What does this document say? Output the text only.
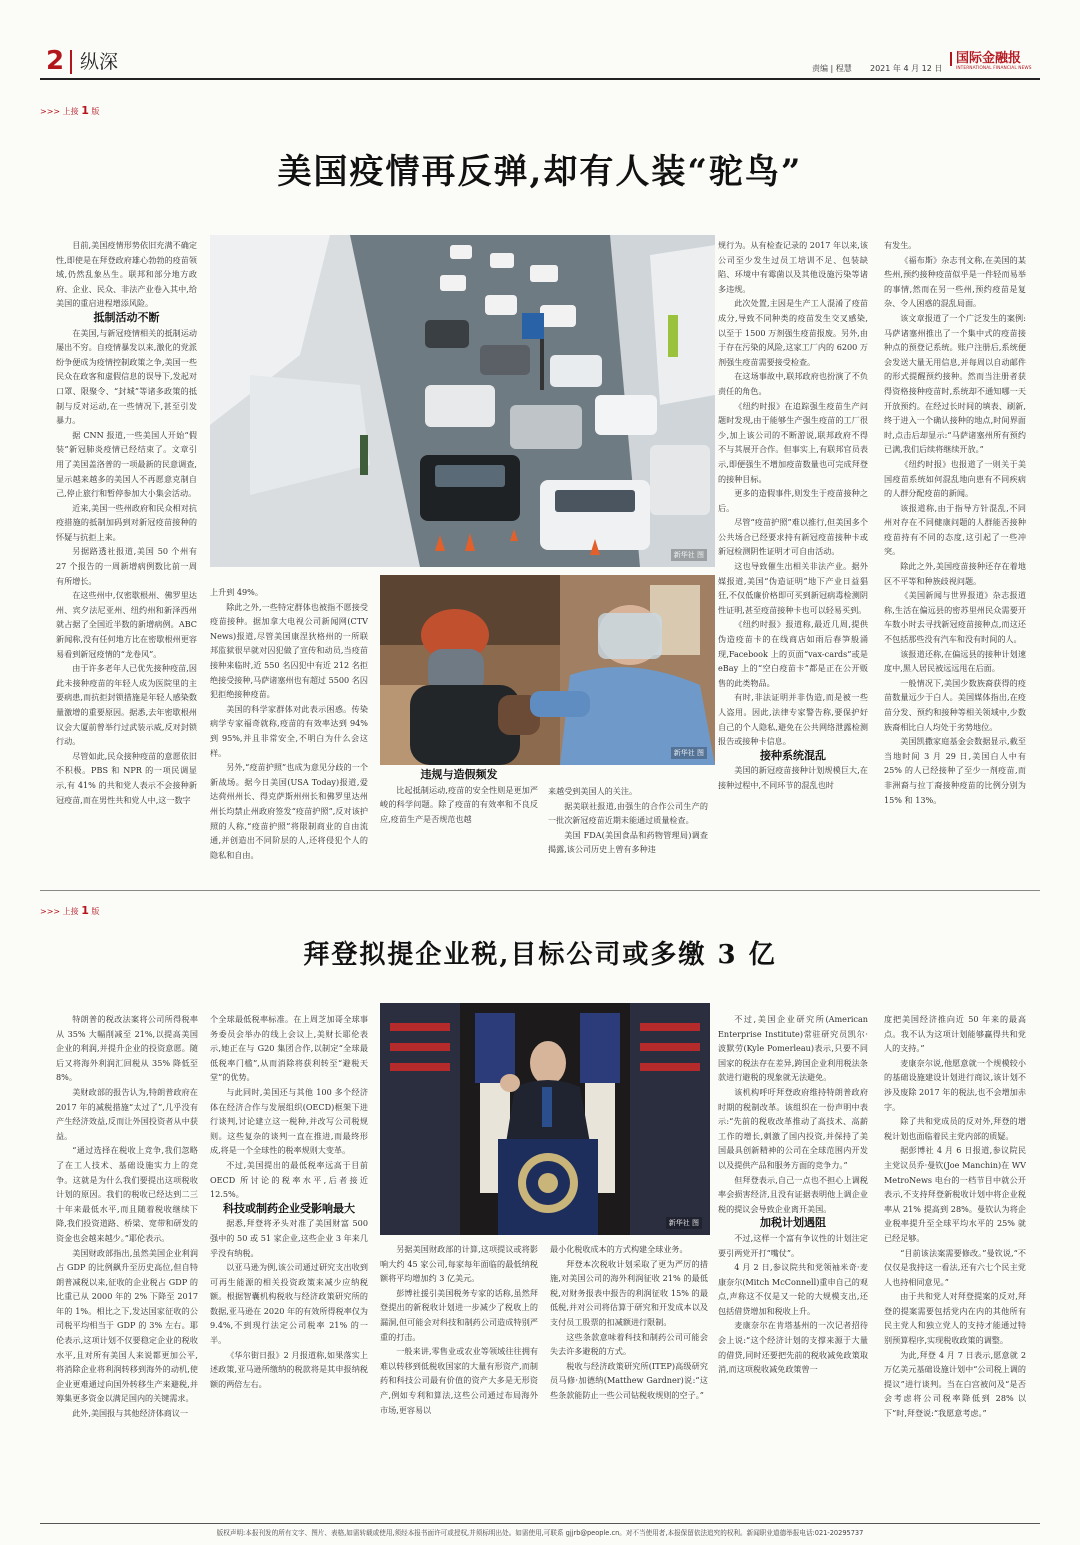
2 纵深	责编 | 程慧 2021 年 4 月 12 日
国际金融报
INTERNATIONAL FINANCIAL NEWS
>>> 上接 1 版
美国疫情再反弹,却有人装“驼鸟”
新华社 图
新华社 图

目前,美国疫情形势依旧充满不确定性,即使是在拜登政府雄心勃勃的疫苗领域,仍然乱象丛生。联邦和部分地方政府、企业、民众、非法产业卷入其中,给美国的重启进程增添风险。

抵制活动不断

在美国,与新冠疫情相关的抵制运动屡出不穷。自疫情暴发以来,激化的党派纷争便成为疫情控制政策之争,美国一些民众在政客和虚假信息的误导下,发起对口罩、限聚令、“封城”等诸多政策的抵制与反对运动,在一些情况下,甚至引发暴力。

据 CNN 报道,一些美国人开始“假装”新冠肺炎疫情已经结束了。文章引用了美国盖洛普的一项最新的民意调查,显示越来越多的美国人不再愿意克制自己,停止旅行和暂停参加大小集会活动。

近来,美国一些州政府和民众相对抗疫措施的抵制加码到对新冠疫苗接种的怀疑与抗拒上来。

另据路透社报道,美国 50 个州有 27 个报告的一周新增病例数比前一周有所增长。

在这些州中,仅密歇根州、佛罗里达州、宾夕法尼亚州、纽约州和新泽西州就占据了全国近半数的新增病例。ABC 新闻称,没有任何地方比在密歇根州更容易看到新冠疫情的“龙卷风”。

由于许多老年人已优先接种疫苗,因此未接种疫苗的年轻人成为医院里的主要病患,而抗拒封锁措施是年轻人感染数量激增的重要原因。据悉,去年密歇根州议会大厦前曾举行过武装示威,反对封锁行动。

尽管如此,民众接种疫苗的意愿依旧不积极。PBS 和 NPR 的一项民调显示,有 41% 的共和党人表示不会接种新冠疫苗,而在男性共和党人中,这一数字

上升到 49%。

除此之外,一些特定群体也被指不愿接受疫苗接种。据加拿大电视公司新闻网(CTV News)报道,尽管美国康涅狄格州的一所联邦监狱很早就对囚犯做了宣传和动员,当疫苗接种来临时,近 550 名囚犯中有近 212 名拒绝接受接种,马萨诸塞州也有超过 5500 名囚犯拒绝接种疫苗。

美国的科学家群体对此表示困惑。传染病学专家福奇就称,疫苗的有效率达到 94% 到 95%,并且非常安全,不明白为什么会这样。

另外,“疫苗护照”也成为意见分歧的一个新战场。据今日美国(USA Today)报道,爱达荷州州长、得克萨斯州州长和佛罗里达州州长均禁止州政府签发“疫苗护照”,反对该护照的人称,“疫苗护照”将限制商业的自由流通,并创造出不同阶层的人,还将侵犯个人的隐私和自由。

违规与造假频发

比起抵制运动,疫苗的安全性则是更加严峻的科学问题。除了疫苗的有效率和不良反应,疫苗生产是否规范也越

来越受到美国人的关注。

据美联社报道,由强生的合作公司生产的一批次新冠疫苗近期未能通过质量检查。

美国 FDA(美国食品和药物管理局)调查揭露,该公司历史上曾有多种违

规行为。从有检查记录的 2017 年以来,该公司至少发生过员工培训不足、包装缺陷、环境中有霉菌以及其他设施污染等诸多违规。

此次处置,主因是生产工人混淆了疫苗成分,导致不同种类的疫苗发生交叉感染,以至于 1500 万剂强生疫苗报废。另外,由于存在污染的风险,这家工厂内的 6200 万剂强生疫苗需要接受检查。

在这场事故中,联邦政府也扮演了不负责任的角色。

《纽约时报》在追踪强生疫苗生产问题时发现,由于能够生产强生疫苗的工厂很少,加上该公司的不断游说,联邦政府不得不与其展开合作。但事实上,有联邦官员表示,即便强生不增加疫苗数量也可完成拜登的接种目标。

更多的造假事件,则发生于疫苗接种之后。

尽管“疫苗护照”难以推行,但美国多个公共场合已经要求持有新冠疫苗接种卡或新冠检测阴性证明才可自由活动。

这也导致催生出相关非法产业。据外媒报道,美国“伪造证明”地下产业日益猖狂,不仅低廉价格即可买到新冠病毒检测阴性证明,甚至疫苗接种卡也可以轻易买到。

《纽约时报》报道称,最近几周,提供伪造疫苗卡的在线商店如雨后春笋般涌现,Facebook 上的页面“vax-cards”或是 eBay 上的“空白疫苗卡”都是正在公开贩售的此类物品。

有时,非法证明并非伪造,而是被一些人盗用。因此,法律专家警告称,要保护好自己的个人隐私,避免在公共网络泄露检测报告或接种卡信息。

接种系统混乱

美国的新冠疫苗接种计划规模巨大,在接种过程中,不同环节的混乱也时

有发生。

《福布斯》杂志刊文称,在美国的某些州,预约接种疫苗似乎是一件轻而易举的事情,然而在另一些州,预约疫苗是复杂、令人困惑的混乱局面。

该文章报道了一个广泛发生的案例:马萨诸塞州推出了一个集中式的疫苗接种点的预登记系统。账户注册后,系统便会发送大量无用信息,并每周以自动邮件的形式提醒预约接种。然而当注册者获得资格接种疫苗时,系统却不通知哪一天开放预约。在经过长时间的填表、刷新,终于进入一个确认接种的地点,时间界面时,点击后却显示:“马萨诸塞州所有预约已满,我们后续将继续开放。”

《纽约时报》也报道了一则关于美国疫苗系统如何混乱地向患有不同疾病的人群分配疫苗的新闻。

该报道称,由于指导方针混乱,不同州对存在不同健康问题的人群能否接种疫苗持有不同的态度,这引起了一些冲突。

除此之外,美国疫苗接种还存在着地区不平等和种族歧视问题。

《美国新闻与世界报道》杂志报道称,生活在偏远县的密苏里州民众需要开车数小时去寻找新冠疫苗接种点,而这还不包括那些没有汽车和没有时间的人。

该报道还称,在偏远县的接种计划速度中,黑人居民被远远甩在后面。

一般情况下,美国少数族裔获得的疫苗数量远少于白人。美国媒体指出,在疫苗分发、预约和接种等相关领域中,少数族裔相比白人均处于劣势地位。

美国凯撒家庭基金会数据显示,截至当地时间 3 月 29 日,美国白人中有 25% 的人已经接种了至少一剂疫苗,而非洲裔与拉丁裔接种疫苗的比例分别为 15% 和 13%。

>>> 上接 1 版
拜登拟提企业税,目标公司或多缴 3 亿
新华社 图

特朗普的税改法案将公司所得税率从 35% 大幅削减至 21%,以提高美国企业的利润,并提升企业的投资意愿。随后又将海外利润汇回税从 35% 降低至 8%。

美财政部的报告认为,特朗普政府在 2017 年的减税措施“太过了”,几乎没有产生经济效益,反而让外国投资者从中获益。

“通过选择在税收上竞争,我们忽略了在工人技术、基础设施实力上的竞争。这就是为什么我们要提出这项税收计划的原因。我们的税收已经达到二三十年来最低水平,而且随着税收继续下降,我们投资道路、桥梁、宽带和研发的资金也会越来越少。”耶伦表示。

美国财政部指出,虽然美国企业利润占 GDP 的比例飙升至历史高位,但自特朗普减税以来,征收的企业税占 GDP 的比重已从 2000 年的 2% 下降至 2017 年的 1%。相比之下,发达国家征收的公司税平均相当于 GDP 的 3% 左右。耶伦表示,这项计划不仅要稳定企业的税收水平,且对所有美国人来说都更加公平,将消除企业将利润转移到海外的动机,使企业更难通过向国外转移生产来避税,并筹集更多资金以满足国内的关键需求。

此外,美国报与其他经济体商议一

个全球最低税率标准。在上周芝加哥全球事务委员会举办的线上会议上,美财长耶伦表示,她正在与 G20 集团合作,以制定“全球最低税率门槛”,从而消除将获利转至“避税天堂”的优势。

与此同时,美国还与其他 100 多个经济体在经济合作与发展组织(OECD)框架下进行谈判,讨论建立这一税种,并改写公司税规则。这些复杂的谈判一直在推进,而最终形成,将是一个全球性的税率规则大变革。

不过,美国提出的最低税率远高于目前 OECD 所讨论的税率水平,后者接近 12.5%。

科技或制药企业受影响最大

据悉,拜登将矛头对准了美国财富 500 强中的 50 或 51 家企业,这些企业 3 年来几乎没有纳税。

以亚马逊为例,该公司通过研究支出收到可再生能源的相关投资政策来减少应纳税额。根据智囊机构税收与经济政策研究所的数据,亚马逊在 2020 年的有效所得税率仅为 9.4%,不到现行法定公司税率 21% 的一半。

《华尔街日报》2 月报道称,如果落实上述政策,亚马逊所缴纳的税款将是其申报纳税额的两倍左右。

另据美国财政部的计算,这项提议或将影响大约 45 家公司,每家每年面临的最低纳税额将平均增加约 3 亿美元。

彭博社援引美国税务专家的话称,虽然拜登提出的新税收计划进一步减少了税收上的漏洞,但可能会对科技和制药公司造成特别严重的打击。

一般来讲,零售业或农业等领域往往拥有难以转移到低税收国家的大量有形资产,而制药和科技公司最有价值的资产大多是无形资产,例如专利和算法,这些公司通过布局海外市场,更容易以

最小化税收成本的方式构建全球业务。

拜登本次税收计划采取了更为严厉的措施,对美国公司的海外利润征收 21% 的最低税,对财务报表中报告的利润征收 15% 的最低税,并对公司将估算于研究和开发成本以及支付员工股票的扣减额进行限制。

这些条款意味着科技和制药公司可能会失去许多避税的方式。

税收与经济政策研究所(ITEP)高级研究员马修·加德纳(Matthew Gardner)说:“这些条款能防止一些公司钻税收规则的空子。”

不过,美国企业研究所(American Enterprise Institute)常驻研究员凯尔·波默劳(Kyle Pomerleau)表示,只要不同国家的税法存在差异,跨国企业利用税法条款进行避税的现象就无法避免。

该机构呼吁拜登政府维持特朗普政府时期的税制改革。该组织在一份声明中表示:“先前的税收改革推动了高技术、高薪工作的增长,刺激了国内投资,并保持了美国最具创新精神的公司在全球范围内开发以及提供产品和服务方面的竞争力。”

但拜登表示,自己一点也不担心上调税率会损害经济,且没有证据表明他上调企业税的提议会导致企业离开美国。

加税计划遇阻

不过,这样一个富有争议性的计划注定要引两党开打“嘴仗”。

4 月 2 日,参议院共和党领袖米奇·麦康奈尔(Mitch McConnell)重申自己的观点,声称这不仅是又一轮的大规模支出,还包括借贷增加和税收上升。

麦康奈尔在肯塔基州的一次记者招待会上说:“这个经济计划的支撑来源于大量的借贷,同时还要把先前的税收减免政策取消,而这项税收减免政策曾一

度把美国经济推向近 50 年来的最高点。我不认为这项计划能够赢得共和党人的支持。”

麦康奈尔说,他愿意就一个规模较小的基础设施建设计划进行商议,该计划不涉及废除 2017 年的税法,也不会增加赤字。

除了共和党成员的反对外,拜登的增税计划也面临着民主党内部的质疑。

据彭博社 4 月 6 日报道,参议院民主党议员乔·曼钦(Joe Manchin)在 WV MetroNews 电台的一档节目中就公开表示,不支持拜登新税收计划中将企业税率从 21% 提高到 28%。曼钦认为将企业税率提升至全球平均水平的 25% 就已经足够。

“目前该法案需要修改。”曼钦说,“不仅仅是我持这一看法,还有六七个民主党人也持相同意见。”

由于共和党人对拜登提案的反对,拜登的提案需要包括党内在内的其他所有民主党人和独立党人的支持才能通过特别预算程序,实现税收政策的调整。

为此,拜登 4 月 7 日表示,愿意就 2 万亿美元基础设施计划中“公司税上调的提议”进行谈判。当在白宫被问及“是否会考虑将公司税率降低到 28% 以下”时,拜登说:“我愿意考虑。”

版权声明:本报刊发的所有文字、图片、表格,如需转载或使用,须经本报书面许可或授权,并须标明出处。如需使用,可联系 gjjrb@people.cn。对不当使用者,本报保留依法追究的权利。新闻职业道德举报电话:021-20295737
